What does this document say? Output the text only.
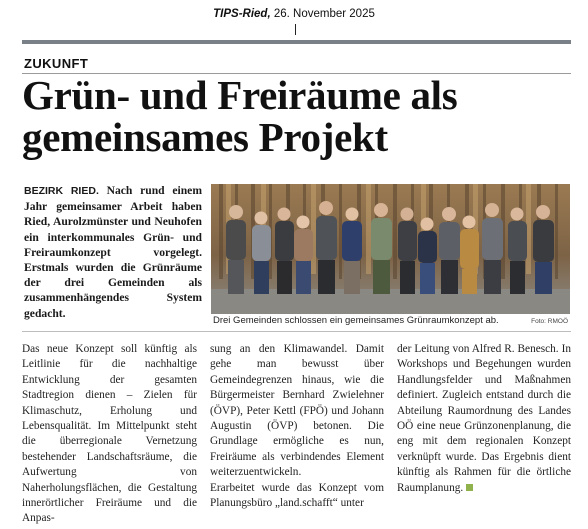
TIPS-Ried, 26. November 2025
ZUKUNFT
Grün- und Freiräume als
gemeinsames Projekt

BEZIRK RIED. Nach rund einem Jahr gemeinsamer Arbeit haben Ried, Aurolzmünster und Neuhofen ein interkommunales Grün- und Freiraumkonzept vorgelegt. Erstmals wurden die Grünräume der drei Gemeinden als zusammenhängendes System gedacht.

Drei Gemeinden schlossen ein gemeinsames Grünraumkonzept ab.	Foto: RMOÖ

Das neue Konzept soll künftig als Leitlinie für die nachhaltige Entwicklung der gesamten Stadtregion dienen – Zielen für Klimaschutz, Erholung und Lebensqualität. Im Mittelpunkt steht die überregionale Vernetzung bestehender Landschaftsräume, die Aufwertung von Naherholungsflächen, die Gestaltung innerörtlicher Freiräume und die Anpas-

sung an den Klimawandel. Damit gehe man bewusst über Gemeindegrenzen hinaus, wie die Bürgermeister Bernhard Zwielehner (ÖVP), Peter Kettl (FPÖ) und Johann Augustin (ÖVP) betonen. Die Grundlage ermögliche es nun, Freiräume als verbindendes Element weiterzuentwickeln.

Erarbeitet wurde das Konzept vom Planungsbüro „land.schafft“ unter

der Leitung von Alfred R. Benesch. In Workshops und Begehungen wurden Handlungsfelder und Maßnahmen definiert. Zugleich entstand durch die Abteilung Raumordnung des Landes OÖ eine neue Grünzonenplanung, die eng mit dem regionalen Konzept verknüpft wurde. Das Ergebnis dient künftig als Rahmen für die örtliche Raumplanung.
